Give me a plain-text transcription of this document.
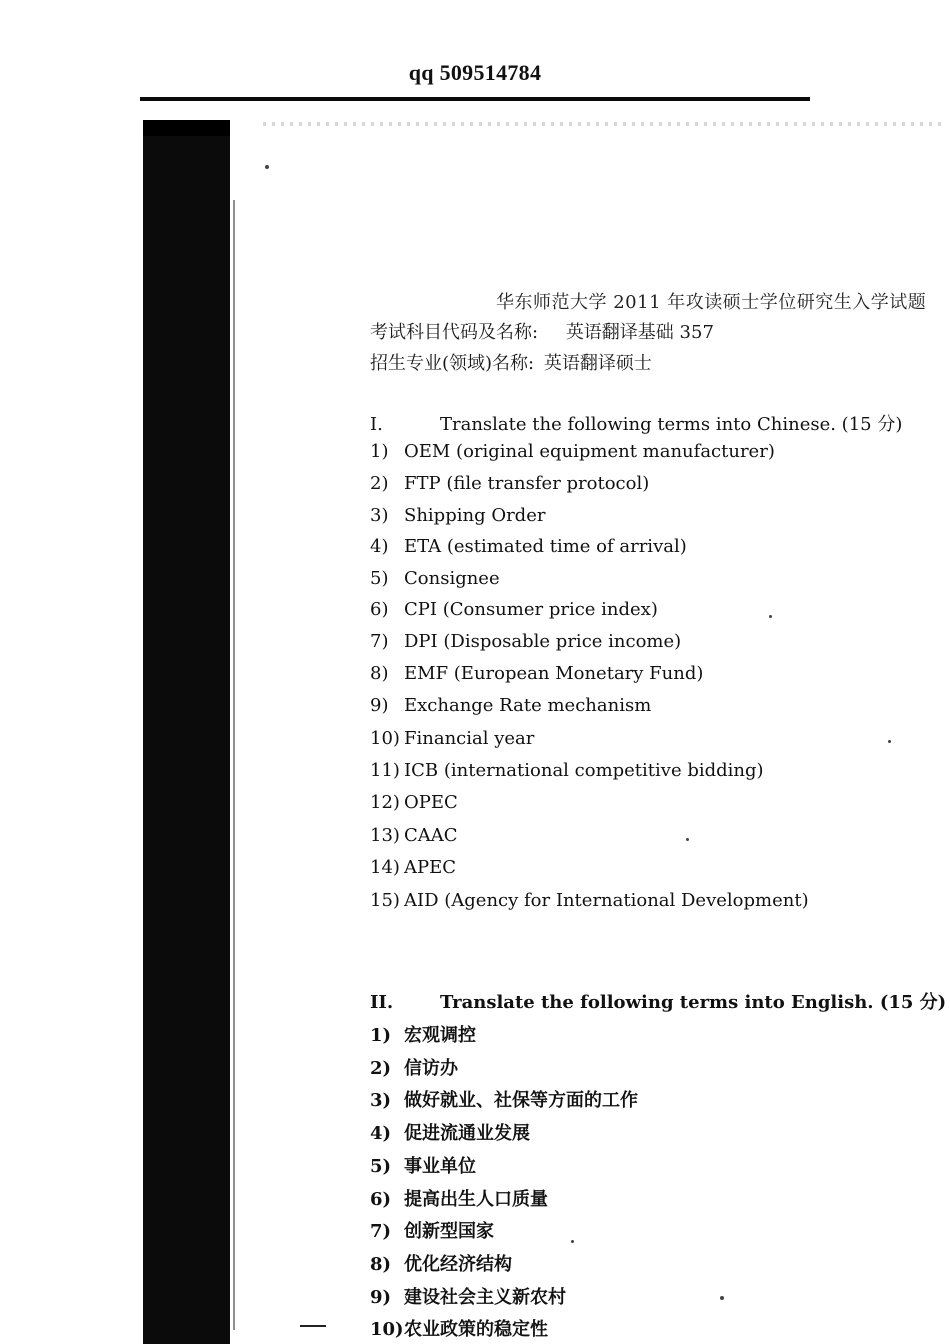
qq 509514784
华东师范大学 2011 年攻读硕士学位研究生入学试题
考试科目代码及名称: 英语翻译基础 357
招生专业(领域)名称: 英语翻译硕士
I.	Translate the following terms into Chinese. (15 分)
1) OEM (original equipment manufacturer)
2) FTP (file transfer protocol)
3) Shipping Order
4) ETA (estimated time of arrival)
5) Consignee
6) CPI (Consumer price index)
7) DPI (Disposable price income)
8) EMF (European Monetary Fund)
9) Exchange Rate mechanism
10) Financial year
11) ICB (international competitive bidding)
12) OPEC
13) CAAC
14) APEC
15) AID (Agency for International Development)
II.	Translate the following terms into English. (15 分)
1) 宏观调控
2) 信访办
3) 做好就业、社保等方面的工作
4) 促进流通业发展
5) 事业单位
6) 提高出生人口质量
7) 创新型国家
8) 优化经济结构
9) 建设社会主义新农村
10)农业政策的稳定性
